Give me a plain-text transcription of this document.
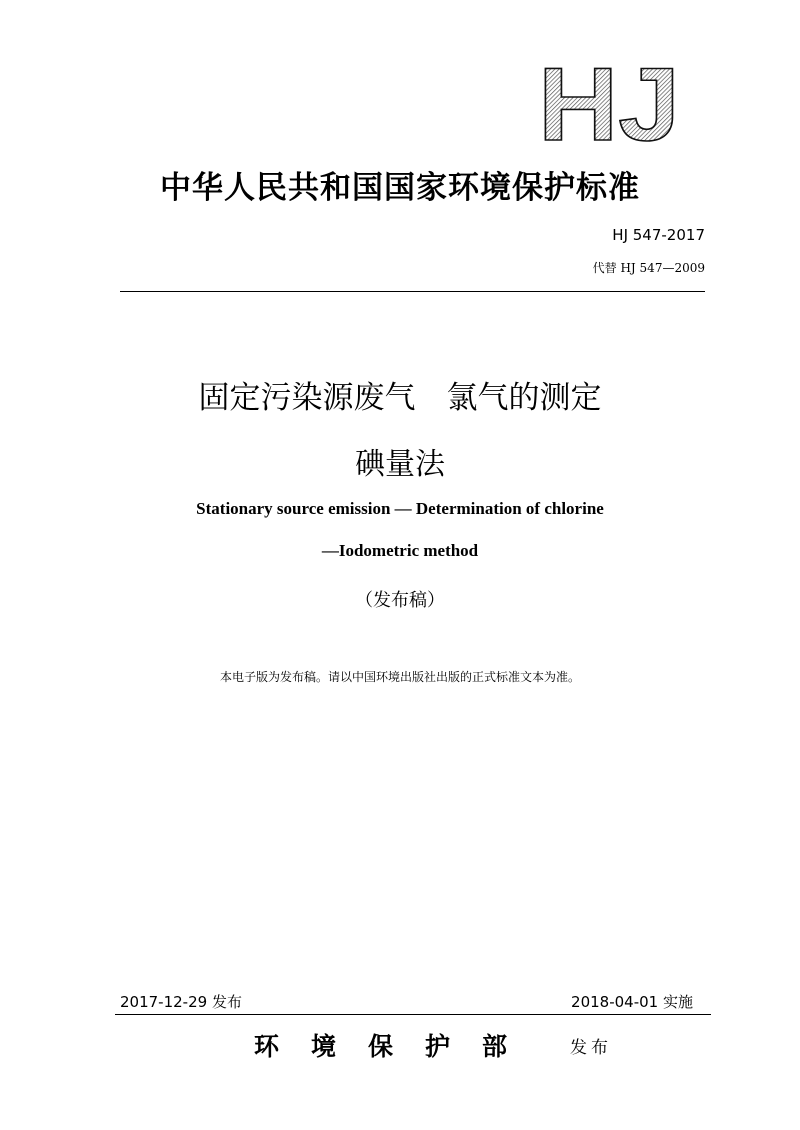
HJ
中华人民共和国国家环境保护标准
HJ 547-2017
代替 HJ 547—2009
固定污染源废气　氯气的测定
碘量法
Stationary source emission — Determination of chlorine
—Iodometric method
（发布稿）
本电子版为发布稿。请以中国环境出版社出版的正式标准文本为准。
2017-12-29 发布	2018-04-01 实施
环境保护部 发布
